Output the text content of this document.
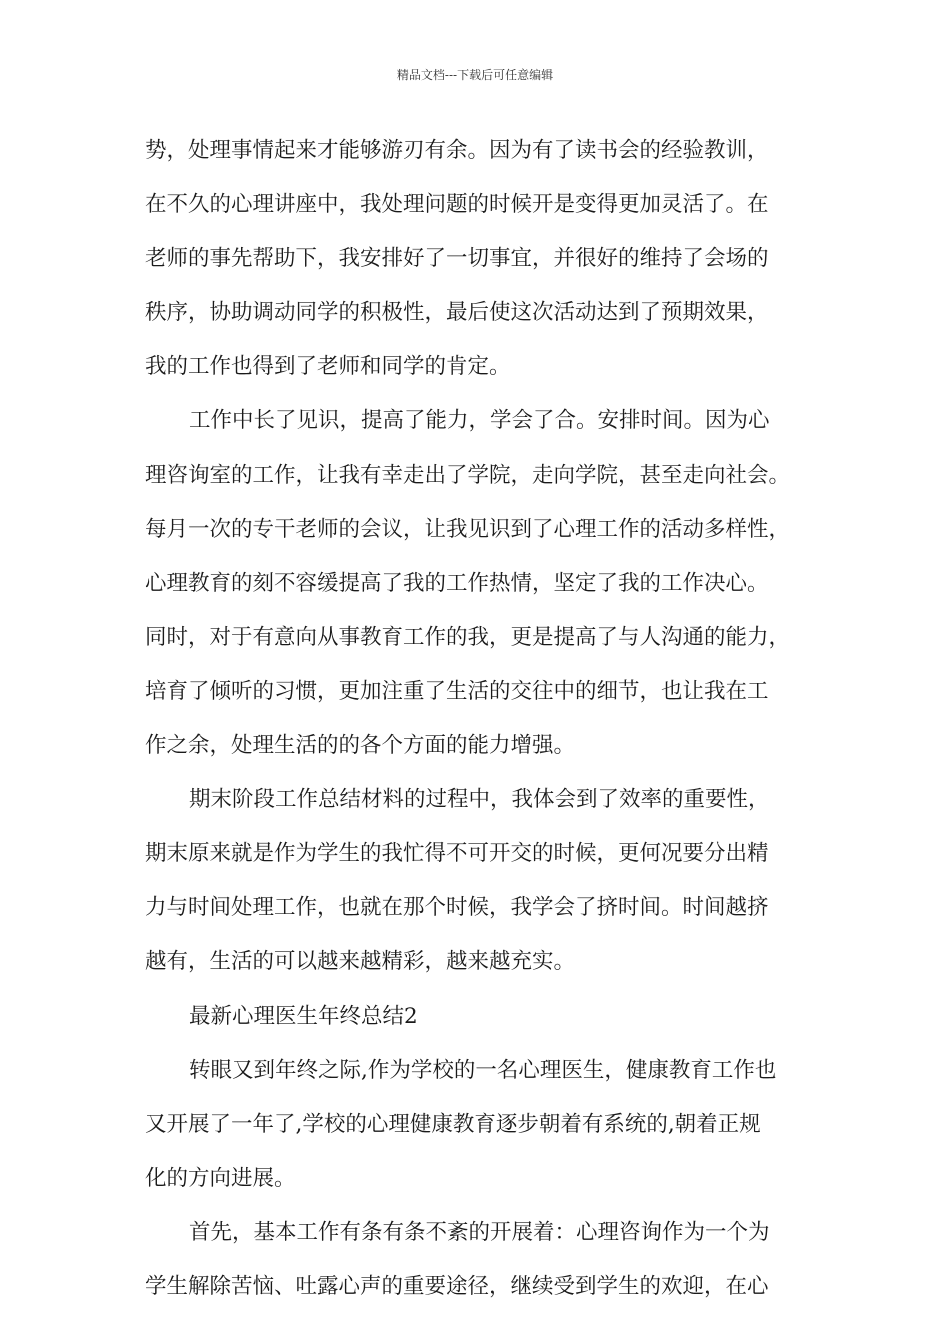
精品文档---下载后可任意编辑
势，处理事情起来才能够游刃有余。因为有了读书会的经验教训，
在不久的心理讲座中，我处理问题的时候开是变得更加灵活了。在
老师的事先帮助下，我安排好了一切事宜，并很好的维持了会场的
秩序，协助调动同学的积极性，最后使这次活动达到了预期效果，
我的工作也得到了老师和同学的肯定。
工作中长了见识，提高了能力，学会了合。安排时间。因为心
理咨询室的工作，让我有幸走出了学院，走向学院，甚至走向社会。
每月一次的专干老师的会议，让我见识到了心理工作的活动多样性，
心理教育的刻不容缓提高了我的工作热情，坚定了我的工作决心。
同时，对于有意向从事教育工作的我，更是提高了与人沟通的能力，
培育了倾听的习惯，更加注重了生活的交往中的细节，也让我在工
作之余，处理生活的的各个方面的能力增强。
期末阶段工作总结材料的过程中，我体会到了效率的重要性，
期末原来就是作为学生的我忙得不可开交的时候，更何况要分出精
力与时间处理工作，也就在那个时候，我学会了挤时间。时间越挤
越有，生活的可以越来越精彩，越来越充实。
最新心理医生年终总结2
转眼又到年终之际,作为学校的一名心理医生，健康教育工作也
又开展了一年了,学校的心理健康教育逐步朝着有系统的,朝着正规
化的方向进展。
首先，基本工作有条有条不紊的开展着：心理咨询作为一个为
学生解除苦恼、吐露心声的重要途径，继续受到学生的欢迎，在心
